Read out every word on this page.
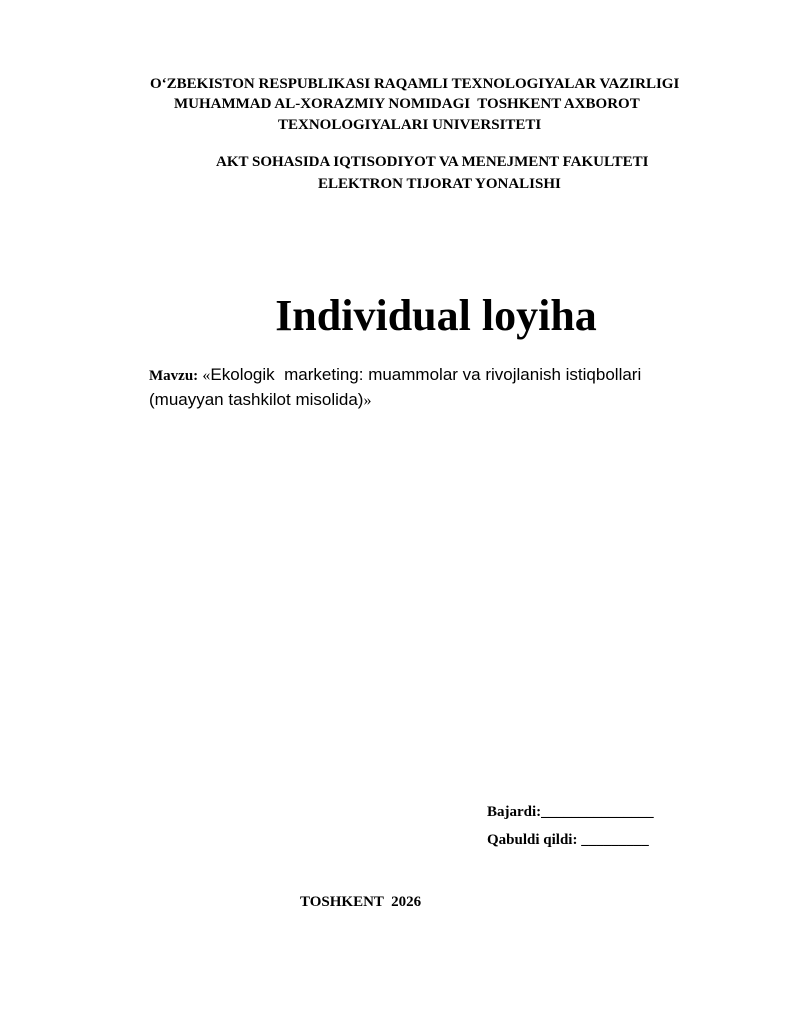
O‘ZBEKISTON RESPUBLIKASI RAQAMLI TEXNOLOGIYALAR VAZIRLIGI
MUHAMMAD AL-XORAZMIY NOMIDAGI  TOSHKENT AXBOROT
TEXNOLOGIYALARI UNIVERSITETI
AKT SOHASIDA IQTISODIYOT VA MENEJMENT FAKULTETI
ELEKTRON TIJORAT YONALISHI
Individual loyiha
Mavzu: «Ekologik  marketing: muammolar va rivojlanish istiqbollari (muayyan tashkilot misolida)»
Bajardi:_______________
Qabuldi qildi: _________
TOSHKENT  2026
